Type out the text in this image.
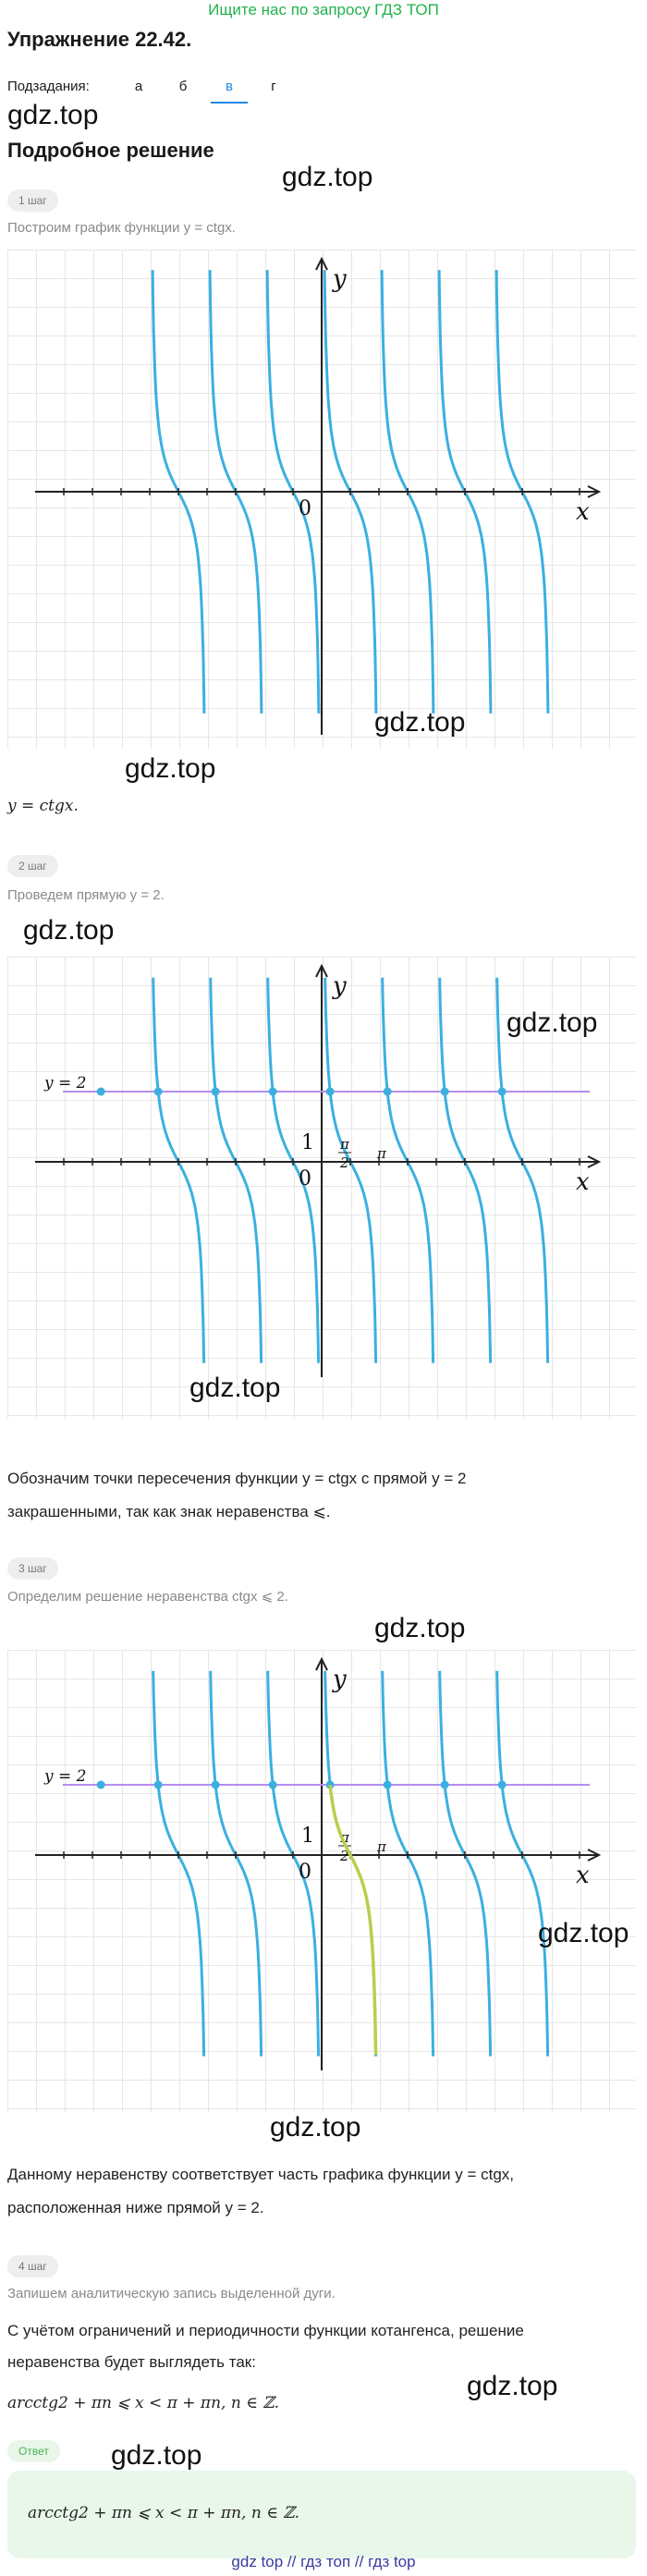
Ищите нас по запросу ГДЗ ТОП
Упражнение 22.42.
Подзадания:	а	б	в	г
gdz.top
Подробное решение
gdz.top
1 шаг
Построим график функции y = ctgx.
x
y
0
gdz.top
gdz.top
y = ctgx.
2 шаг
Проведем прямую y = 2.
gdz.top
x
y
0
y = 2
1 π
2
π
gdz.top
gdz.top
Обозначим точки пересечения функции y = ctgx с прямой y = 2 закрашенными, так как знак неравенства ⩽.
3 шаг
Определим решение неравенства ctgx ⩽ 2.
gdz.top
x
y
0
y = 2
1 π
2
π
gdz.top
gdz.top
Данному неравенству соответствует часть графика функции y = ctgx, расположенная ниже прямой y = 2.
4 шаг
Запишем аналитическую запись выделенной дуги.
С учётом ограничений и периодичности функции котангенса, решение неравенства будет выглядеть так:
gdz.top
arcctg2 + πn ⩽ x < π + πn, n ∈ ℤ.
Ответ	gdz.top
arcctg2 + πn ⩽ x < π + πn, n ∈ ℤ.
gdz top // гдз топ // гдз top
